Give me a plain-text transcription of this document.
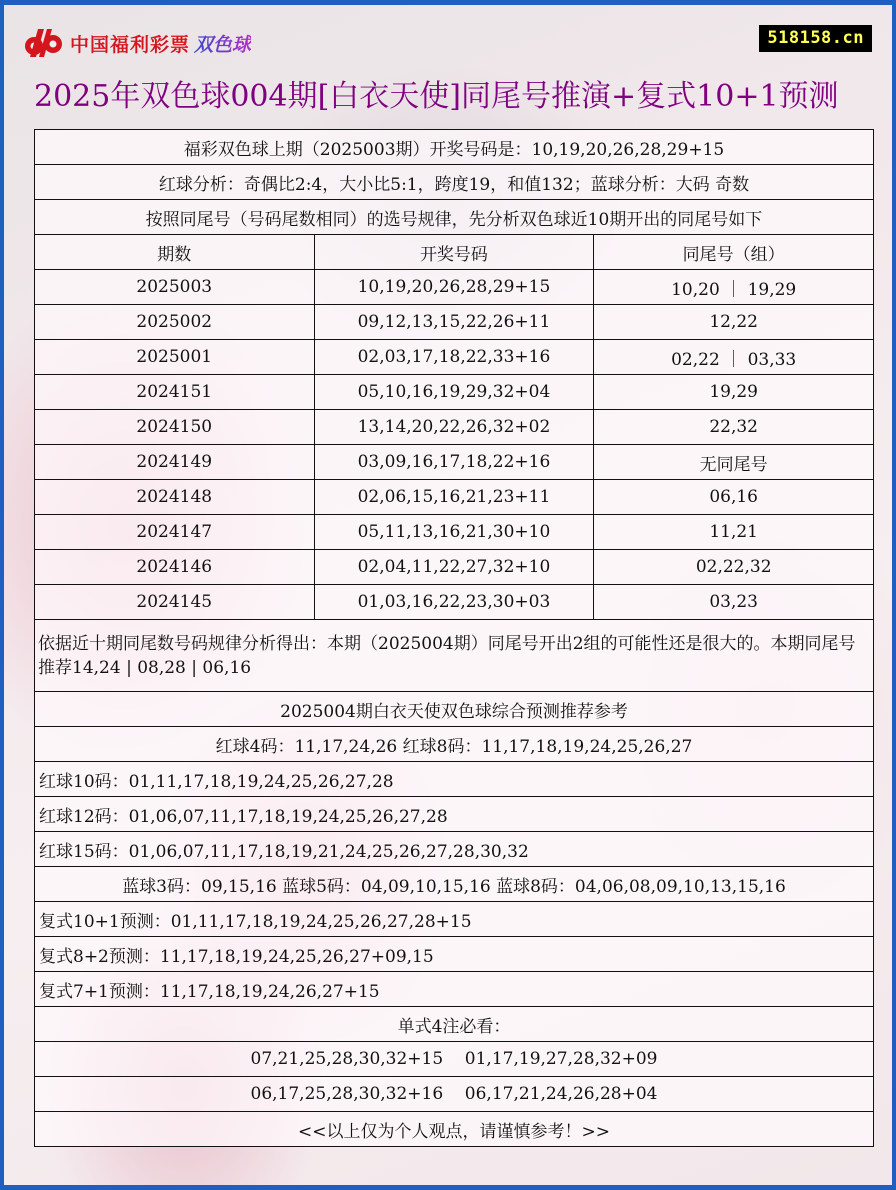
中国福利彩票 双色球	518158.cn
2025年双色球004期[白衣天使]同尾号推演+复式10+1预测
福彩双色球上期（2025003期）开奖号码是：10,19,20,26,28,29+15		
红球分析：奇偶比2:4，大小比5:1，跨度19，和值132；蓝球分析：大码 奇数		
按照同尾号（号码尾数相同）的选号规律，先分析双色球近10期开出的同尾号如下		
期数	开奖号码	同尾号（组）
2025003	10,19,20,26,28,29+15	10,20 ｜ 19,29
2025002	09,12,13,15,22,26+11	12,22
2025001	02,03,17,18,22,33+16	02,22 ｜ 03,33
2024151	05,10,16,19,29,32+04	19,29
2024150	13,14,20,22,26,32+02	22,32
2024149	03,09,16,17,18,22+16	无同尾号
2024148	02,06,15,16,21,23+11	06,16
2024147	05,11,13,16,21,30+10	11,21
2024146	02,04,11,22,27,32+10	02,22,32
2024145	01,03,16,22,23,30+03	03,23
依据近十期同尾数号码规律分析得出：本期（2025004期）同尾号开出2组的可能性还是很大的。本期同尾号推荐14,24 | 08,28 | 06,16		
2025004期白衣天使双色球综合预测推荐参考		
红球4码：11,17,24,26 红球8码：11,17,18,19,24,25,26,27		
红球10码：01,11,17,18,19,24,25,26,27,28		
红球12码：01,06,07,11,17,18,19,24,25,26,27,28		
红球15码：01,06,07,11,17,18,19,21,24,25,26,27,28,30,32		
蓝球3码：09,15,16 蓝球5码：04,09,10,15,16 蓝球8码：04,06,08,09,10,13,15,16		
复式10+1预测：01,11,17,18,19,24,25,26,27,28+15		
复式8+2预测：11,17,18,19,24,25,26,27+09,15		
复式7+1预测：11,17,18,19,24,26,27+15		
单式4注必看：		
07,21,25,28,30,32+15    01,17,19,27,28,32+09		
06,17,25,28,30,32+16    06,17,21,24,26,28+04		
<<以上仅为个人观点，请谨慎参考！>>		
